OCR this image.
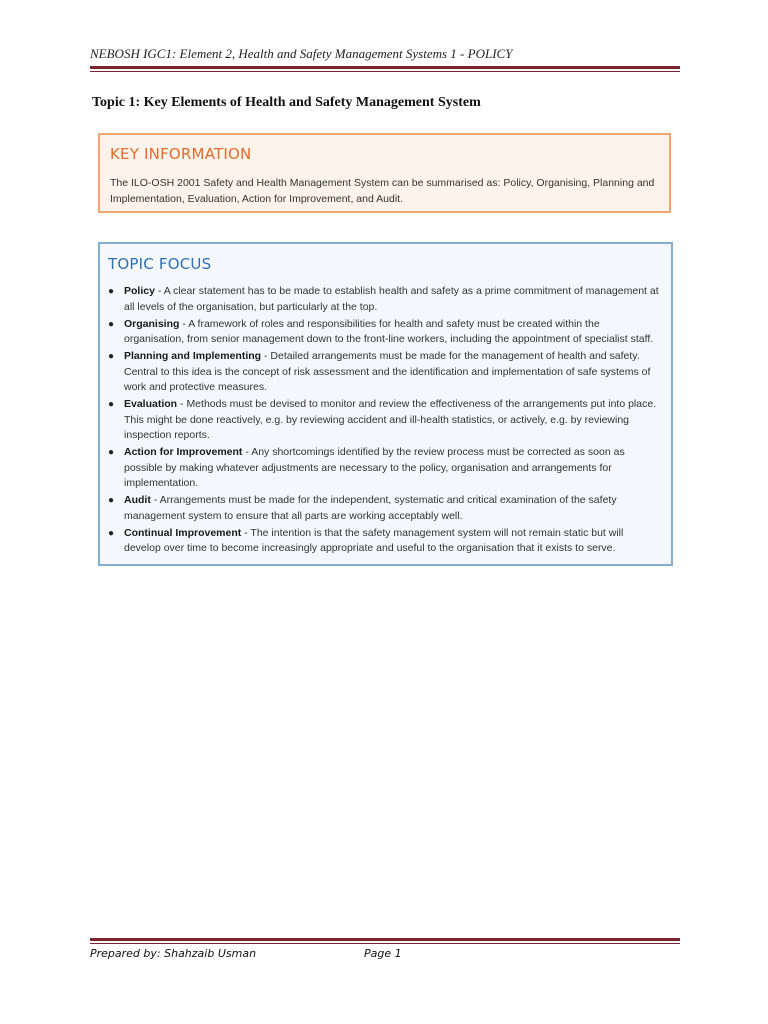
NEBOSH IGC1: Element 2, Health and Safety Management Systems 1 - POLICY
Topic 1: Key Elements of Health and Safety Management System
KEY INFORMATION
The ILO-OSH 2001 Safety and Health Management System can be summarised as: Policy, Organising, Planning and Implementation, Evaluation, Action for Improvement, and Audit.
TOPIC FOCUS
● Policy - A clear statement has to be made to establish health and safety as a prime commitment of management at all levels of the organisation, but particularly at the top.
● Organising - A framework of roles and responsibilities for health and safety must be created within the organisation, from senior management down to the front-line workers, including the appointment of specialist staff.
● Planning and Implementing - Detailed arrangements must be made for the management of health and safety. Central to this idea is the concept of risk assessment and the identification and implementation of safe systems of work and protective measures.
● Evaluation - Methods must be devised to monitor and review the effectiveness of the arrangements put into place. This might be done reactively, e.g. by reviewing accident and ill-health statistics, or actively, e.g. by reviewing inspection reports.
● Action for Improvement - Any shortcomings identified by the review process must be corrected as soon as possible by making whatever adjustments are necessary to the policy, organisation and arrangements for implementation.
● Audit - Arrangements must be made for the independent, systematic and critical examination of the safety management system to ensure that all parts are working acceptably well.
● Continual Improvement - The intention is that the safety management system will not remain static but will develop over time to become increasingly appropriate and useful to the organisation that it exists to serve.
Prepared by: Shahzaib Usman	Page 1
